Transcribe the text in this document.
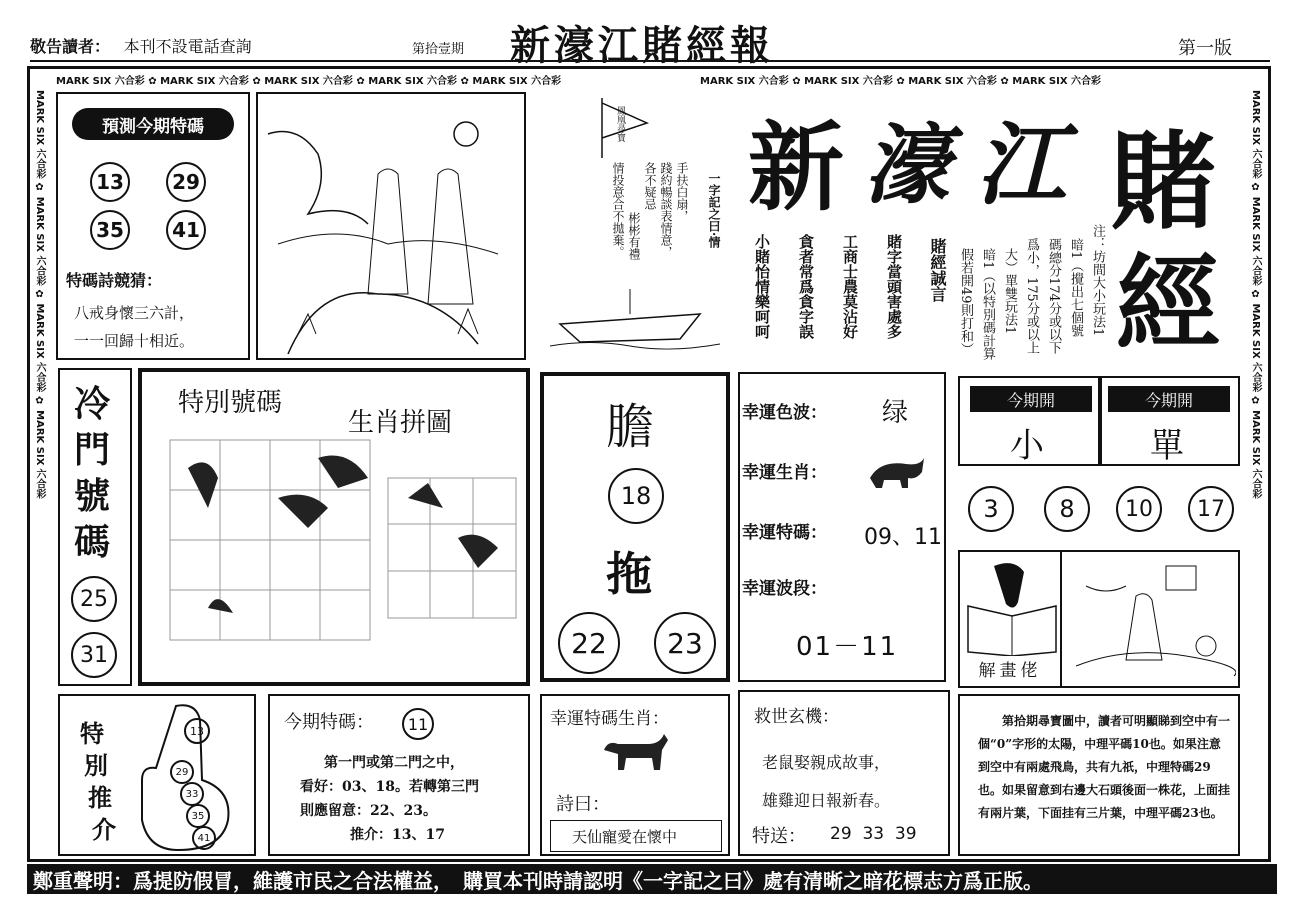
敬告讀者： 本刊不設電話查詢	第拾壹期 新濠江賭經報	第一版
MARK SIX 六合彩 ✿ MARK SIX 六合彩 ✿ MARK SIX 六合彩 ✿ MARK SIX 六合彩 ✿ MARK SIX 六合彩	MARK SIX 六合彩 ✿ MARK SIX 六合彩 ✿ MARK SIX 六合彩 ✿ MARK SIX 六合彩
MARK SIX 六合彩 ✿ MARK SIX 六合彩 ✿ MARK SIX 六合彩 ✿ MARK SIX 六合彩
MARK SIX 六合彩 ✿ MARK SIX 六合彩 ✿ MARK SIX 六合彩 ✿ MARK SIX 六合彩
預測今期特碼
13	29
35	41
特碼詩競猜：
八戒身懷三六計，
一一回歸十相近。
鳳凰尋寶
手扶白扇，
踐約暢談表情意，
各不疑忌
彬彬有禮
情投意合不拋棄。	一字記之曰·情	賭經誠言
賭字當頭害處多
工商士農莫沾好
貪者常爲貪字誤
小賭怡情樂呵呵
新 濠 江 賭
經
注：坊間大小玩法1
暗1（攪出七個號
碼總分174分或以下
爲小，175分或以上
大）單雙玩法1
暗1（以特別碼計算
假若開49則打和）
冷
門
號
碼
25
31
特別號碼
生肖拼圖	膽
18
拖
22	23
幸運色波： 绿
幸運生肖：
幸運特碼： 09、11
幸運波段：
01－11
今期開	今期開
小	單
3	8	10	17
解畫佬
特
別
推
介
13
29
33
35
41
今期特碼：	11
第一門或第二門之中，
看好：03、18。若轉第三門
則應留意：22、23。
推介：13、17
幸運特碼生肖：
詩曰：
天仙寵愛在懷中
救世玄機：
老鼠娶親成故事，
雄雞迎日報新春。
特送： 29  33  39
第拾期尋寶圖中，讀者可明顯睇到空中有一個“0”字形的太陽，中理平碼10也。如果注意到空中有兩處飛鳥，共有九祇，中理特碼29也。如果留意到右邊大石頭後面一株花，上面挂有兩片葉，下面挂有三片葉，中理平碼23也。
鄭重聲明：爲提防假冒，維護市民之合法權益，　購買本刊時請認明《一字記之曰》處有清晰之暗花標志方爲正版。
